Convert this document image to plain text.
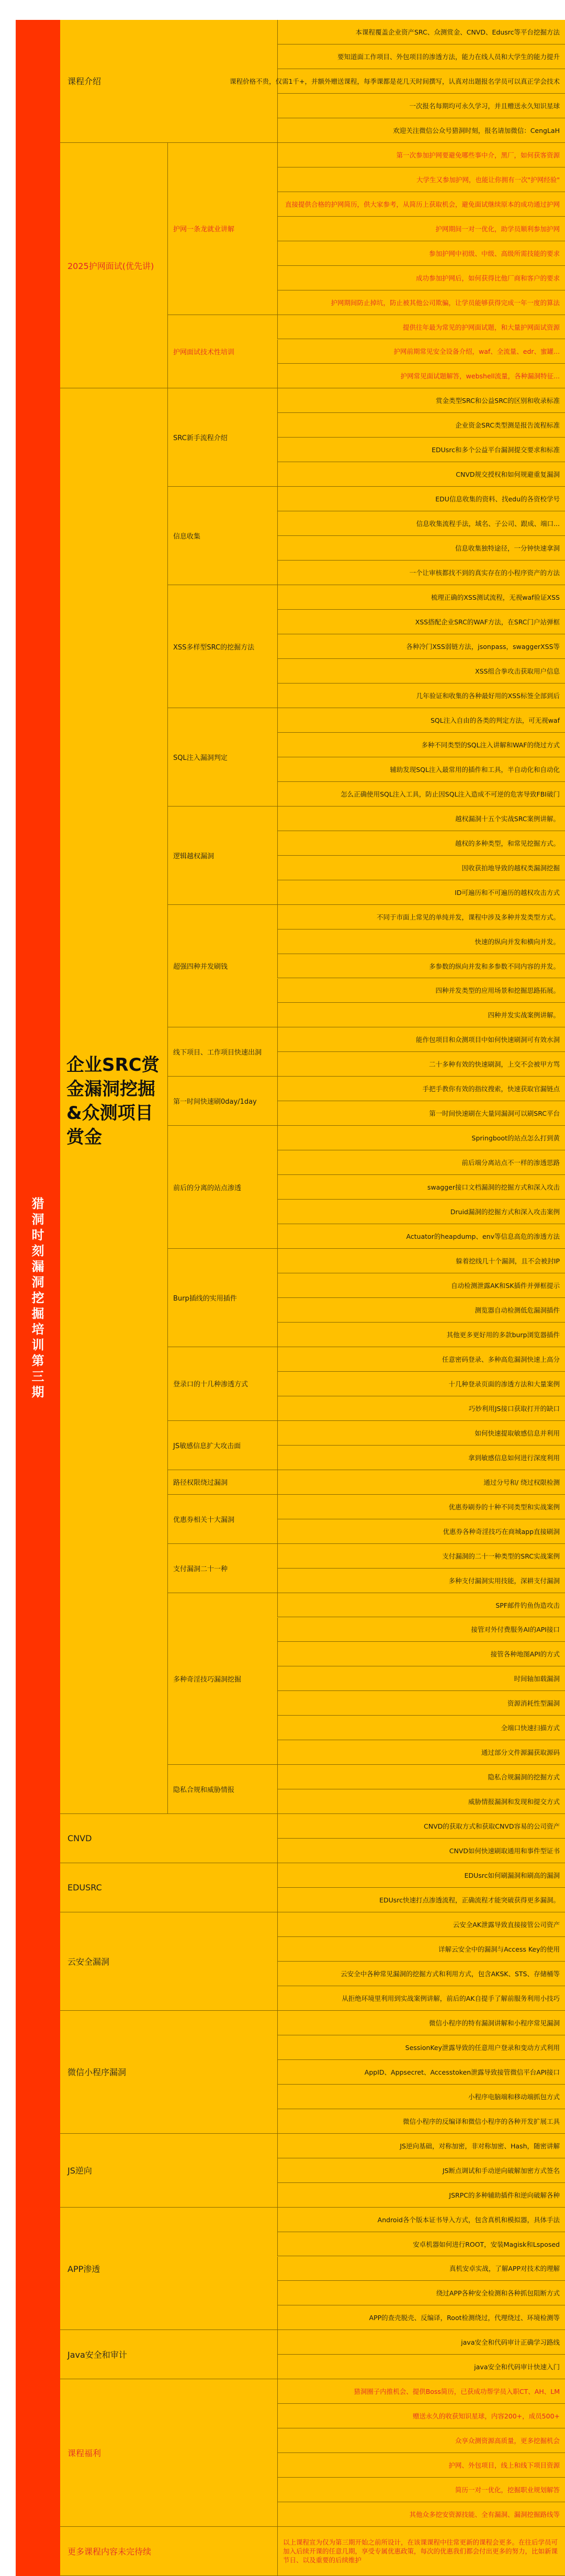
猎洞时刻漏洞挖掘培训第三期
本课程覆盖企业资产SRC、众测赏金、CNVD、Edusrc等平台挖掘方法
要知道面工作项目、外包项目的渗透方法，能力在线人员和大学生的能力提升
课程价格不贵，仅需1千+，并额外赠送课程，每季课都是花几天时间撰写，认真对出题报名学员可以真正学会技术
一次报名每期均可永久学习，并且赠送永久知识星球
欢迎关注微信公众号猎洞时刻，报名请加微信：CengLaH
课程介绍
第一次参加护网要避免哪些事中介，黑厂，如何获客资源
大学生又参加护网，也能让你拥有一次"护网经验"
直接提供合格的护网简历，供大家参考，从简历上获取机会，避免面试继续原本的成功通过护网
护网期间一对一优化，助学员顺利参加护网
参加护网中初级、中级、高级所需技能的要求
成功参加护网后，如何获得比他厂商和客户的要求
护网期间防止掉坑，防止被其他公司欺骗，让学员能够获得完成一年一度的算法
护网一条龙就业讲解
提供往年最为常见的护网面试题，和大量护网面试资源
护网前期常见安全设备介绍，waf、全流量、edr、蜜罐...
护网常见面试题解答，webshell流量，各种漏洞特征...
护网面试技术性培训
2025护网面试(优先讲)
赏金类型SRC和公益SRC的区别和收录标准
企业资金SRC类型测是报告流程标准
EDUsrc和多个公益平台漏洞提交要求和标准
CNVD规交授权和如何规避重复漏洞
SRC新手流程介绍
EDU信息收集的资料、找edu的各资校学号
信息收集流程手法，域名、子公司、跟成、端口...
信息收集独特途径，一分钟快速拿洞
一个让审核都找不到的真实存在的小程序资产的方法
信息收集
梳理正确的XSS测试流程，无视waf验证XSS
XSS搭配企业SRC的WAF方法，在SRC门户站弹框
各种冷门XSS弱链方法，jsonpass，swaggerXSS等
XSS组合拳攻击获取用户信息
几年验证和收集的各种最好用的XSS标签全部到后
XSS多样型SRC的挖掘方法
SQL注入自由的各类的判定方法，可无视waf
多种不同类型的SQL注入讲解和WAF的绕过方式
辅助发现SQL注入最常用的插件和工具，半自动化和自动化
怎么正确使用SQL注入工具，防止因SQL注入造成不可逆的危害导致FBI破门
SQL注入漏洞判定
越权漏洞十五个实战SRC案例讲解。
越权的多种类型，和常见挖掘方式。
因收获拍地导致的越权类漏洞挖掘
ID可遍历和不可遍历的越权攻击方式
逻辑越权漏洞
不同于市面上常见的单纯并发，课程中涉及多种并发类型方式。
快速的纵向并发和横向并发。
多参数的纵向并发和多参数不同内容的并发。
四种并发类型的应用场景和挖掘思路拓展。
四种并发实战案例讲解。
超强四种并发刷钱
能作包项目和众测项目中如何快速刷洞可有效水洞
二十多种有效的快速刷洞，上交不会被甲方骂
线下项目、工作项目快速出洞
手把手教你有效的指纹搜索，快速获取官漏链点
第一时间快速刷在大量同漏洞可以刷SRC平台
第一时间快速刷0day/1day
Springboot的站点怎么打到黄
前后端分离站点不一样的渗透思路
swagger接口文档漏洞的挖掘方式和深入攻击
Druid漏洞的挖掘方式和深入攻击案例
Actuator的heapdump、env等信息高危的渗透方法
前后的分离的站点渗透
躲着挖线几十个漏洞，且不会被封IP
自动检测泄露AK和SK插件并弹框提示
测览器自动检测低危漏洞插件
其他更多更好用的多款burp浏览器插件
Burp插线的实用插件
任意密码登录、多种高危漏洞快速上高分
十几种登录页面的渗透方法和大量案例
巧妙利用JS接口获取打开的缺口
登录口的十几种渗透方式
如何快速提取敏感信息并利用
拿到敏感信息如何进行深度利用
JS敏感信息扩大攻击面
通过分号和/ 绕过权限检测
路径权限绕过漏洞
优惠券刷券的十种不同类型和实战案例
优惠券各种奇淫技巧在商城app直接刷洞
优惠券相关十大漏洞
支付漏洞的二十一种类型的SRC实战案例
多种支付漏洞实用技能，深耕支付漏洞
支付漏洞二十一种
SPF邮件钓鱼伪造攻击
接管对外付费服务AI的API接口
接管各种地图API的方式
时间轴加载漏洞
资源消耗性型漏洞
全端口快速扫描方式
通过部分文件源漏获取源码
多种奇淫技巧漏洞挖掘
隐私合规漏洞的挖掘方式
威胁情报漏洞和发现和提交方式
隐私合规和威胁情报
企业SRC赏金漏洞挖掘&众测项目赏金
CNVD的获取方式和获取CNVD容易的公司资产
CNVD如何快速刷取通用和事件型证书
CNVD
EDUsrc如何刷漏洞和刷高的漏洞
EDUsrc快速打点渗透流程，正确流程才能突破获得更多漏洞。
EDUSRC
云安全AK泄露导致直接接管公司资产
详解云安全中的漏洞与Access Key的使用
云安全中各种常见漏洞的挖掘方式和利用方式，包含AKSK、STS、存储桶等
从拒绝环境里利用到实战案例讲解，前后的AK自提手了解前服务利用小技巧
云安全漏洞
微信小程序的特有漏洞讲解和小程序常见漏洞
SessionKey泄露导致的任意用户登录和变动方式利用
AppID、Appsecret、Accesstoken泄露导致接管微信平台API接口
小程序电脑端和移动端抓包方式
微信小程序的反编译和微信小程序的各种开发扩展工具
微信小程序漏洞
JS逆向基础，对称加密，非对称加密、Hash，随密讲解
JS断点调试和手动逆向破解加密方式签名
JSRPC的多种辅助插件和逆向破解各种
JS逆向
Android各个版本证书导入方式，包含真机和模拟器，具体手法
安卓机器如何进行ROOT，安装Magisk和Lsposed
真机安卓实战，了解APP对技术的理解
绕过APP各种安全检测和各种抓包阻断方式
APP的查壳脱壳、反编译，Root检测绕过，代理绕过、环境检测等
APP渗透
java安全和代码审计正确学习路线
java安全和代码审计快速入门
Java安全和审计
猎洞圈子内推机会、提供Boss简历，已获成功帮学员入职CT、AH、LM
赠送永久的收获知识星球，内容200+，成员500+
众享众测资源高质量，更多挖掘机会
护网、外包项目，线上和线下项目资源
简历一对一优化，挖掘职业规划解答
其他众多挖安资源技能、全有漏洞、漏洞挖掘路线等
课程福利
以上课程宣为仅为第三期开始之前所设计，在该课课程中往常更新的课程会更多。在往后学员可加入后续开课的任意几期，享受专属优惠政策，每次的优惠我们都会付出更多的努力，比如新课节日、以及重要的后续维护
更多课程内容未完待续
